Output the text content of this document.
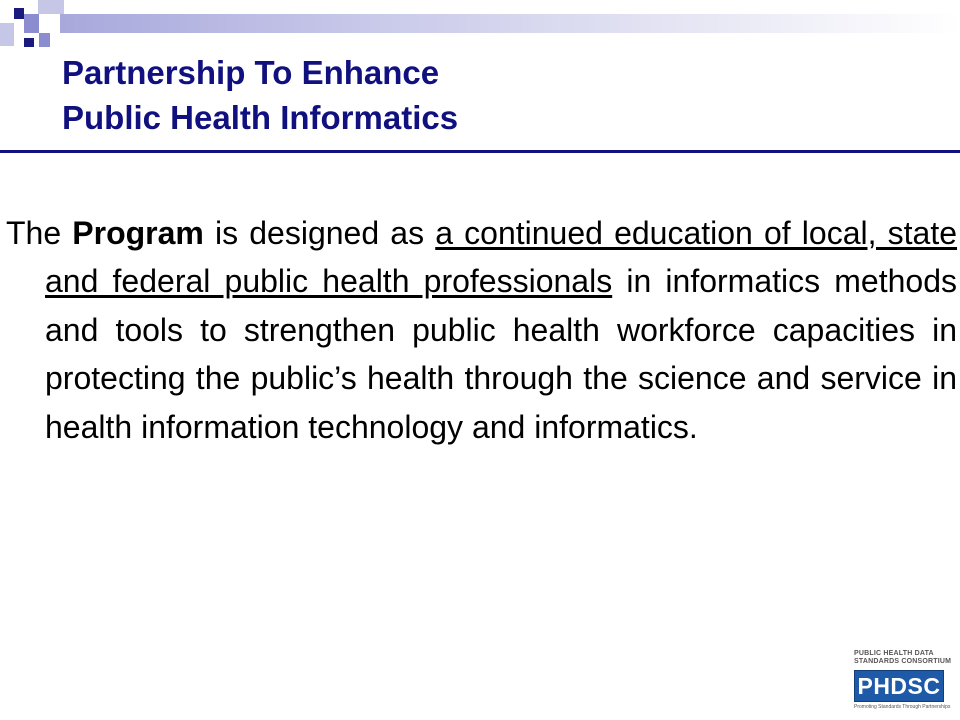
Partnership To Enhance
Public Health Informatics

The Program is designed as a continued education of local, state and federal public health professionals in informatics methods and tools to strengthen public health workforce capacities in protecting the public’s health through the science and service in health information technology and informatics.

PUBLIC HEALTH DATA
STANDARDS CONSORTIUM
PHDSC
Promoting Standards Through Partnerships
